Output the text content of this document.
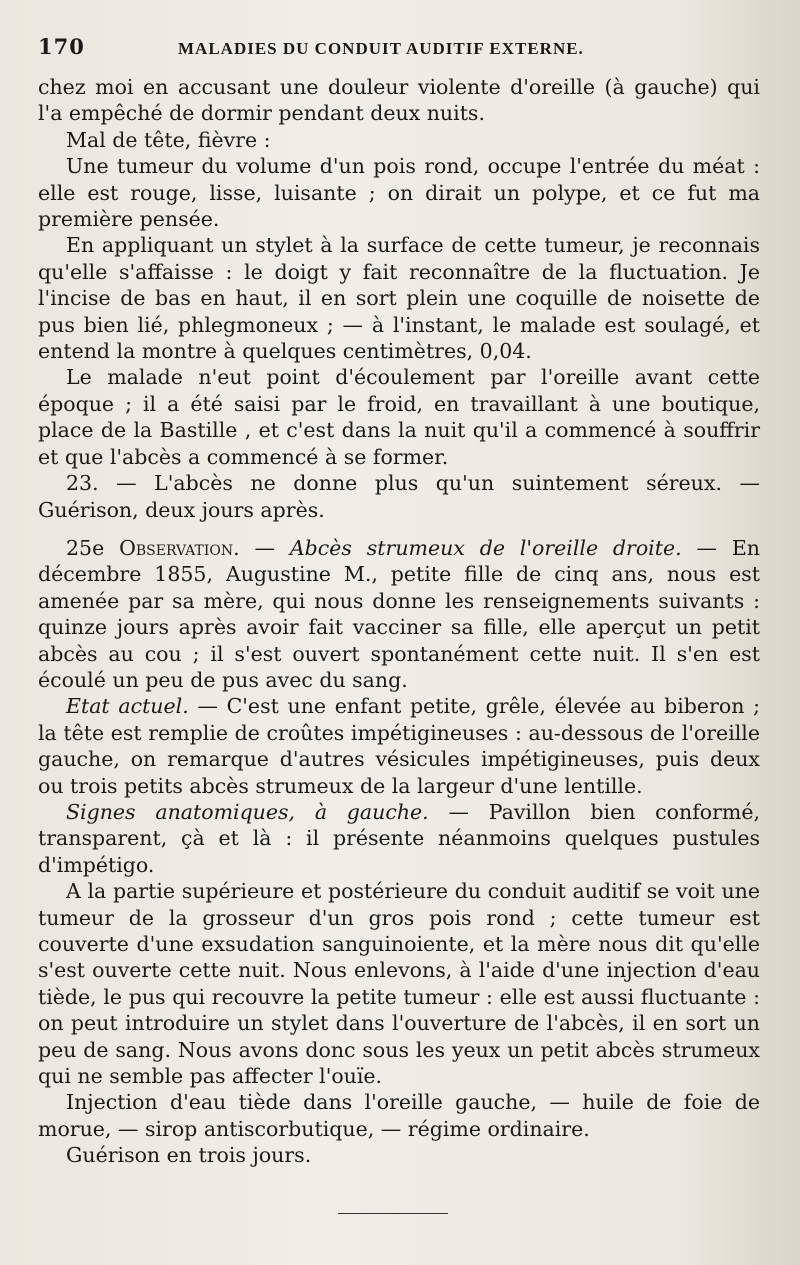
170	MALADIES DU CONDUIT AUDITIF EXTERNE.

chez moi en accusant une douleur violente d'oreille (à gauche) qui l'a empêché de dormir pendant deux nuits.

Mal de tête, fièvre :

Une tumeur du volume d'un pois rond, occupe l'entrée du méat : elle est rouge, lisse, luisante ; on dirait un polype, et ce fut ma première pensée.

En appliquant un stylet à la surface de cette tumeur, je reconnais qu'elle s'affaisse : le doigt y fait reconnaître de la fluctuation. Je l'incise de bas en haut, il en sort plein une coquille de noisette de pus bien lié, phlegmoneux ; — à l'instant, le malade est soulagé, et entend la montre à quelques centimètres, 0,04.

Le malade n'eut point d'écoulement par l'oreille avant cette époque ; il a été saisi par le froid, en travaillant à une boutique, place de la Bastille , et c'est dans la nuit qu'il a commencé à souffrir et que l'abcès a commencé à se former.

23. — L'abcès ne donne plus qu'un suintement séreux. — Guérison, deux jours après.

25e Observation. — Abcès strumeux de l'oreille droite. — En décembre 1855, Augustine M., petite fille de cinq ans, nous est amenée par sa mère, qui nous donne les renseignements suivants : quinze jours après avoir fait vacciner sa fille, elle aperçut un petit abcès au cou ; il s'est ouvert spontanément cette nuit. Il s'en est écoulé un peu de pus avec du sang.

Etat actuel. — C'est une enfant petite, grêle, élevée au biberon ; la tête est remplie de croûtes impétigineuses : au-dessous de l'oreille gauche, on remarque d'autres vésicules impétigineuses, puis deux ou trois petits abcès strumeux de la largeur d'une lentille.

Signes anatomiques, à gauche. — Pavillon bien conformé, transparent, çà et là : il présente néanmoins quelques pustules d'impétigo.

A la partie supérieure et postérieure du conduit auditif se voit une tumeur de la grosseur d'un gros pois rond ; cette tumeur est couverte d'une exsudation sanguinoiente, et la mère nous dit qu'elle s'est ouverte cette nuit. Nous enlevons, à l'aide d'une injection d'eau tiède, le pus qui recouvre la petite tumeur : elle est aussi fluctuante : on peut introduire un stylet dans l'ouverture de l'abcès, il en sort un peu de sang. Nous avons donc sous les yeux un petit abcès strumeux qui ne semble pas affecter l'ouïe.

Injection d'eau tiède dans l'oreille gauche, — huile de foie de morue, — sirop antiscorbutique, — régime ordinaire.

Guérison en trois jours.
